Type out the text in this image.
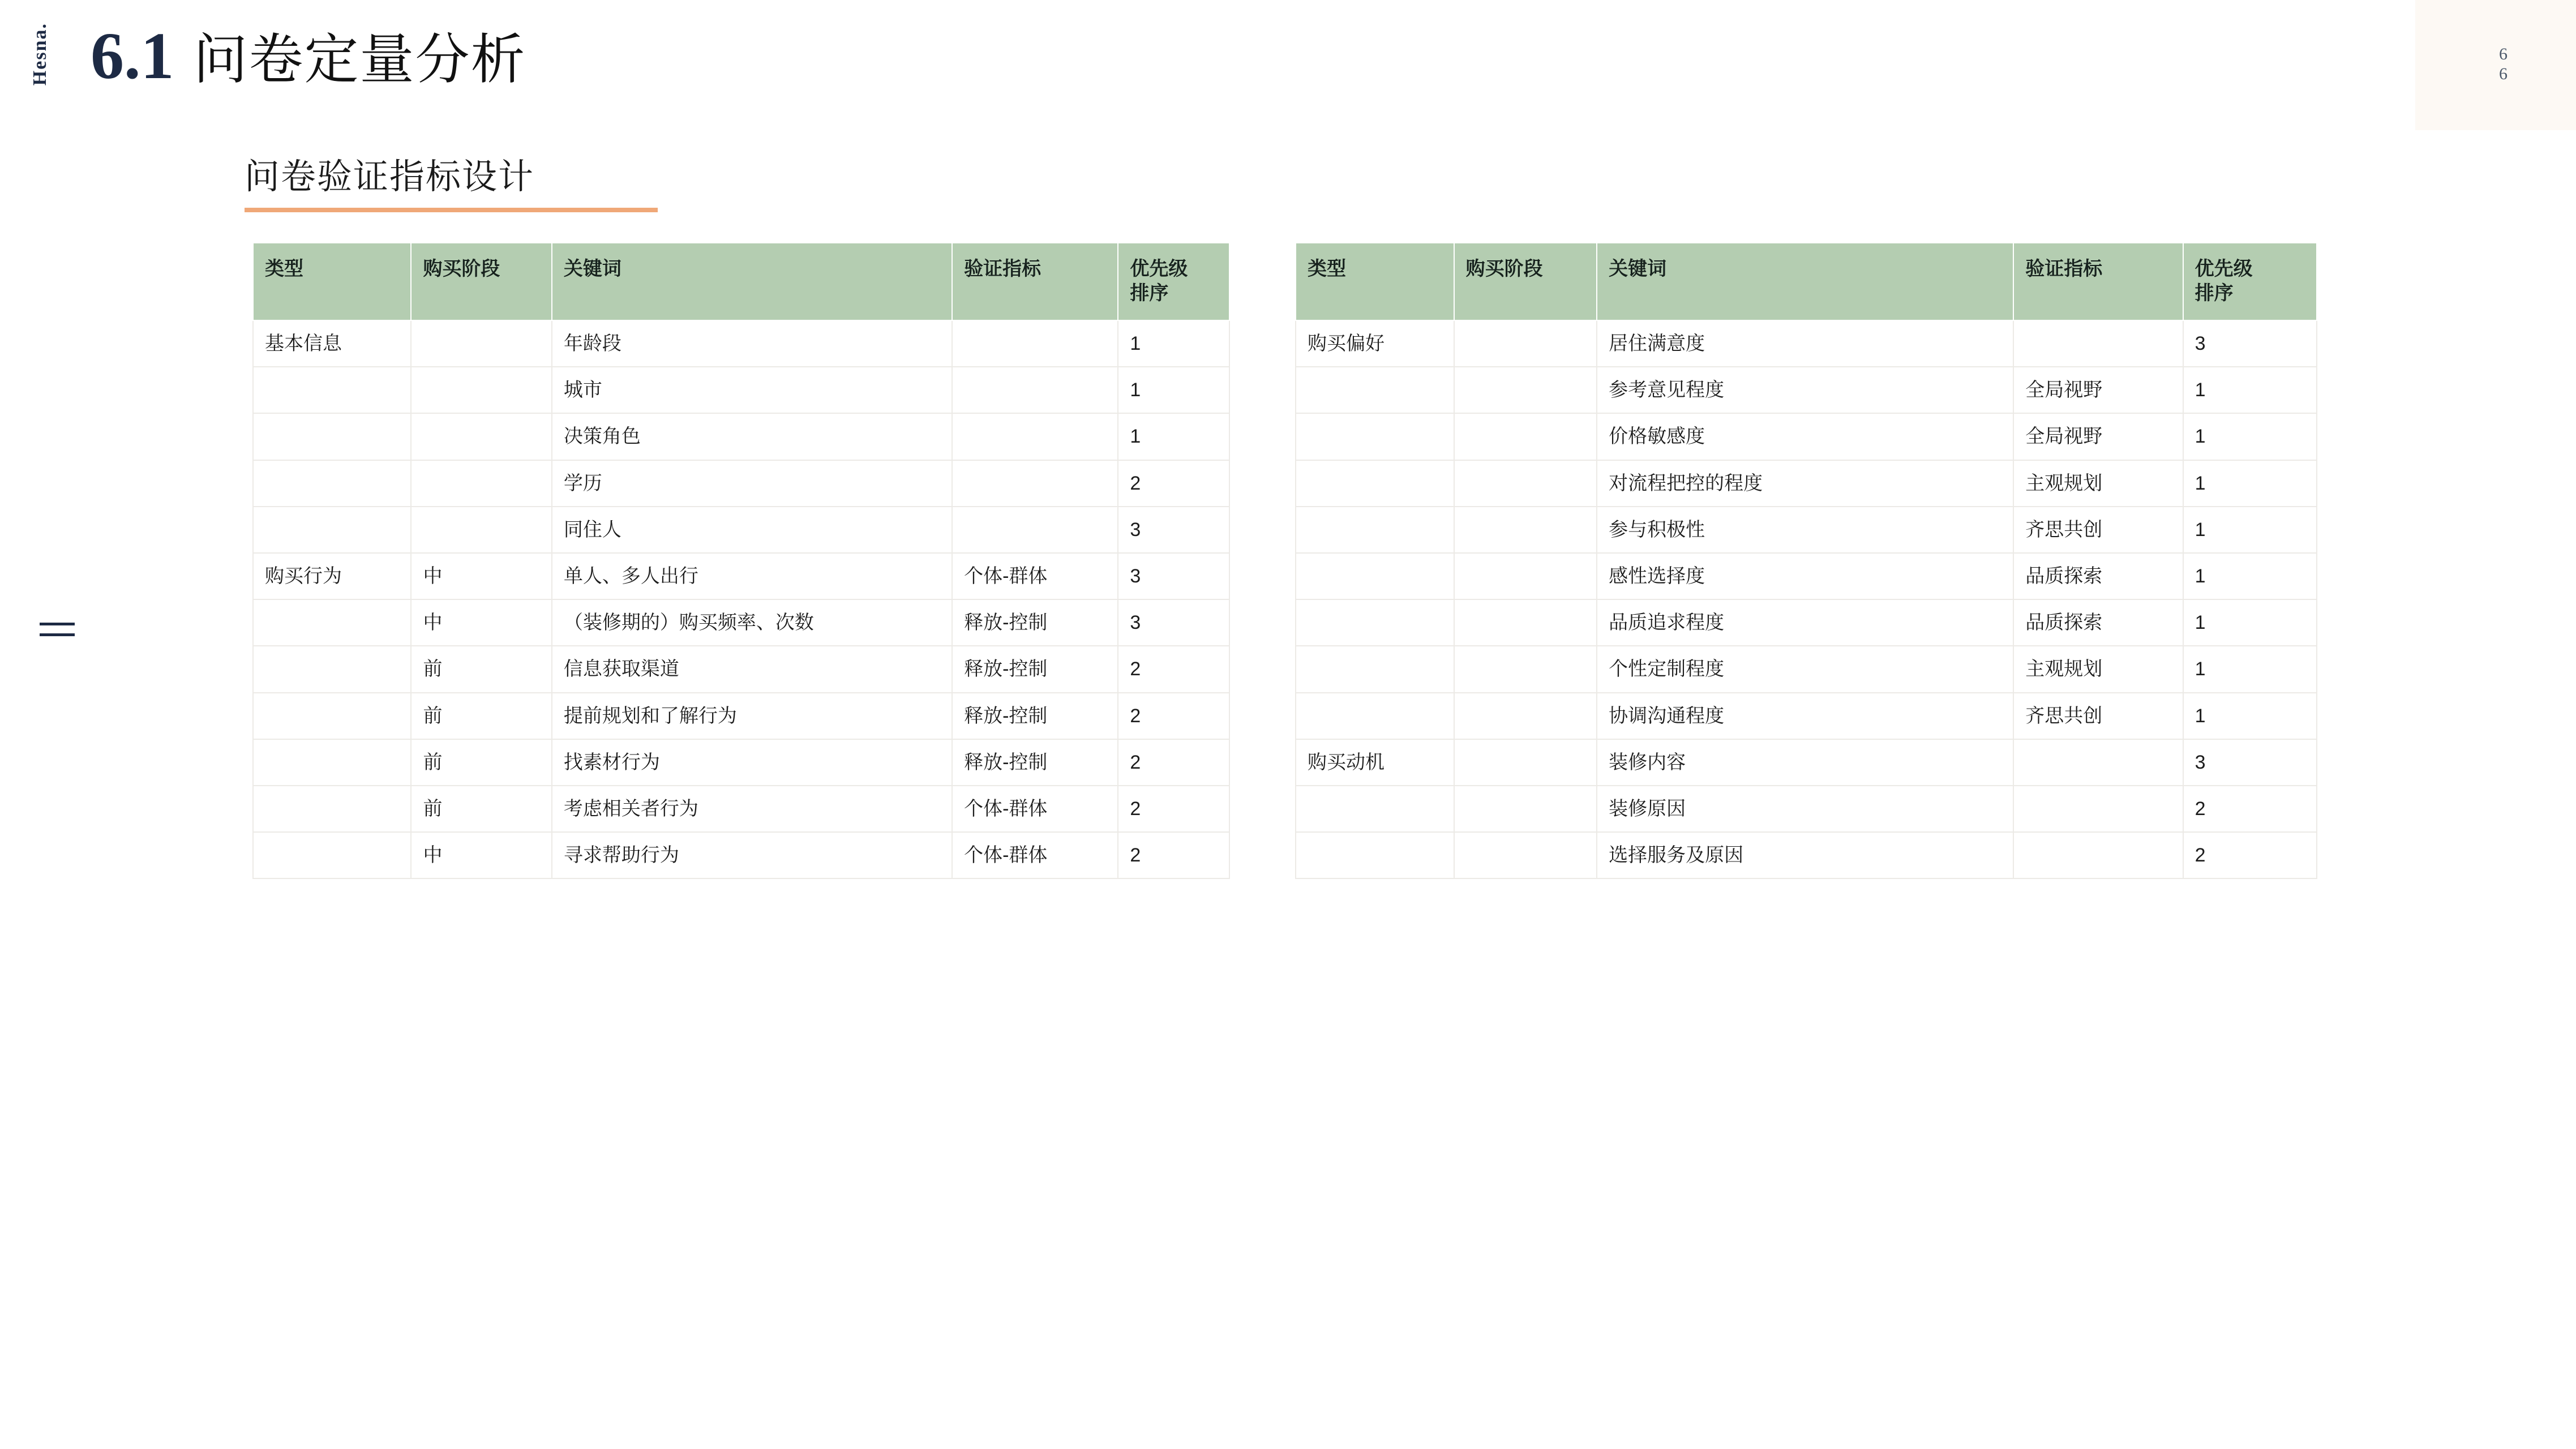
Hesna.	6
6
6.1 问卷定量分析
问卷验证指标设计
类型	购买阶段	关键词	验证指标	优先级
排序

基本信息		年龄段		1
		城市		1
		决策角色		1
		学历		2
		同住人		3
购买行为	中	单人、多人出行	个体-群体	3
	中	（装修期的）购买频率、次数	释放-控制	3
	前	信息获取渠道	释放-控制	2
	前	提前规划和了解行为	释放-控制	2
	前	找素材行为	释放-控制	2
	前	考虑相关者行为	个体-群体	2
	中	寻求帮助行为	个体-群体	2
类型	购买阶段	关键词	验证指标	优先级
排序

购买偏好		居住满意度		3
		参考意见程度	全局视野	1
		价格敏感度	全局视野	1
		对流程把控的程度	主观规划	1
		参与积极性	齐思共创	1
		感性选择度	品质探索	1
		品质追求程度	品质探索	1
		个性定制程度	主观规划	1
		协调沟通程度	齐思共创	1
购买动机		装修内容		3
		装修原因		2
		选择服务及原因		2
